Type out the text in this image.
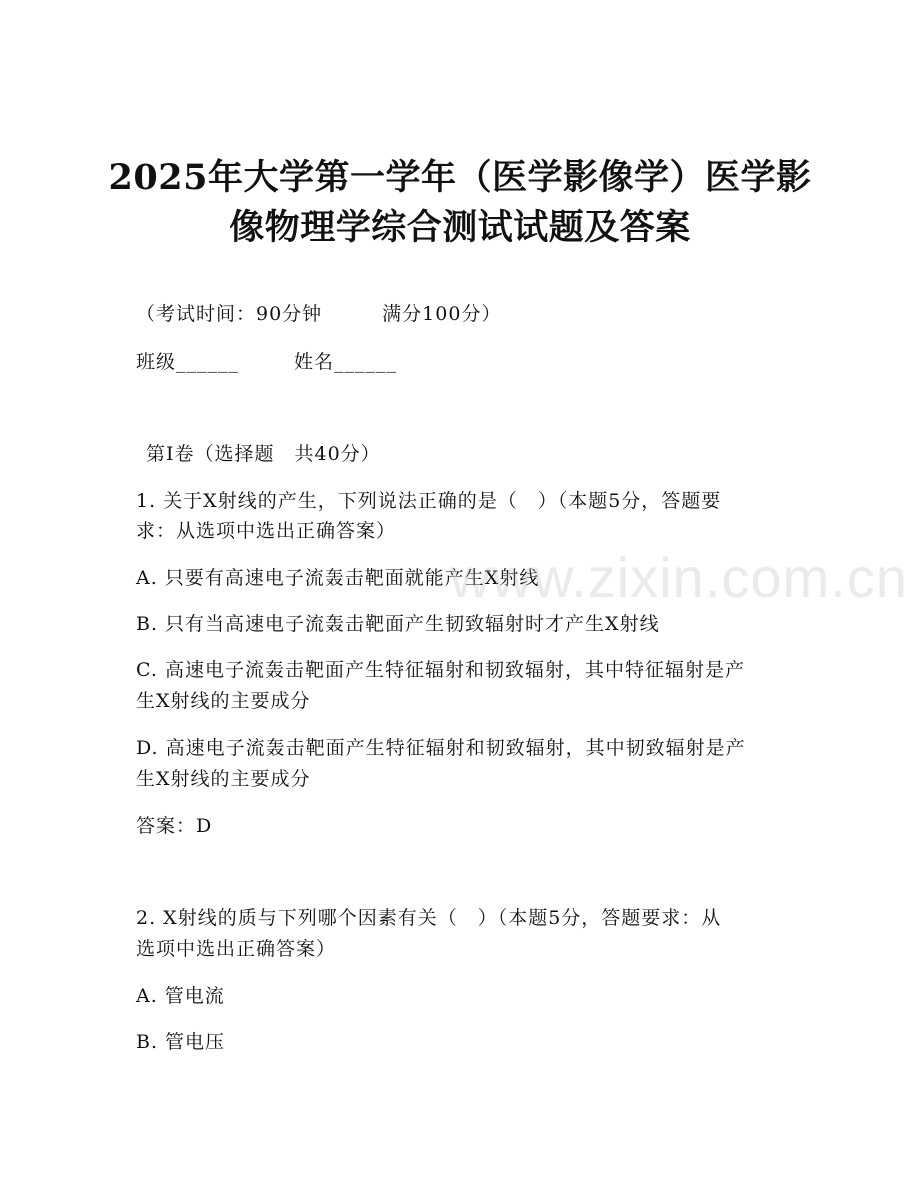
2025年大学第一学年（医学影像学）医学影
像物理学综合测试试题及答案
（考试时间：90分钟　　　满分100分）
班级______	姓名______
第Ⅰ卷（选择题　共40分）
1. 关于X射线的产生，下列说法正确的是（　）（本题5分，答题要
求：从选项中选出正确答案）
A. 只要有高速电子流轰击靶面就能产生X射线
B. 只有当高速电子流轰击靶面产生韧致辐射时才产生X射线
C. 高速电子流轰击靶面产生特征辐射和韧致辐射，其中特征辐射是产
生X射线的主要成分
D. 高速电子流轰击靶面产生特征辐射和韧致辐射，其中韧致辐射是产
生X射线的主要成分
答案：D
2. X射线的质与下列哪个因素有关（　）（本题5分，答题要求：从
选项中选出正确答案）
A. 管电流
B. 管电压
www.zixin.com.cn
